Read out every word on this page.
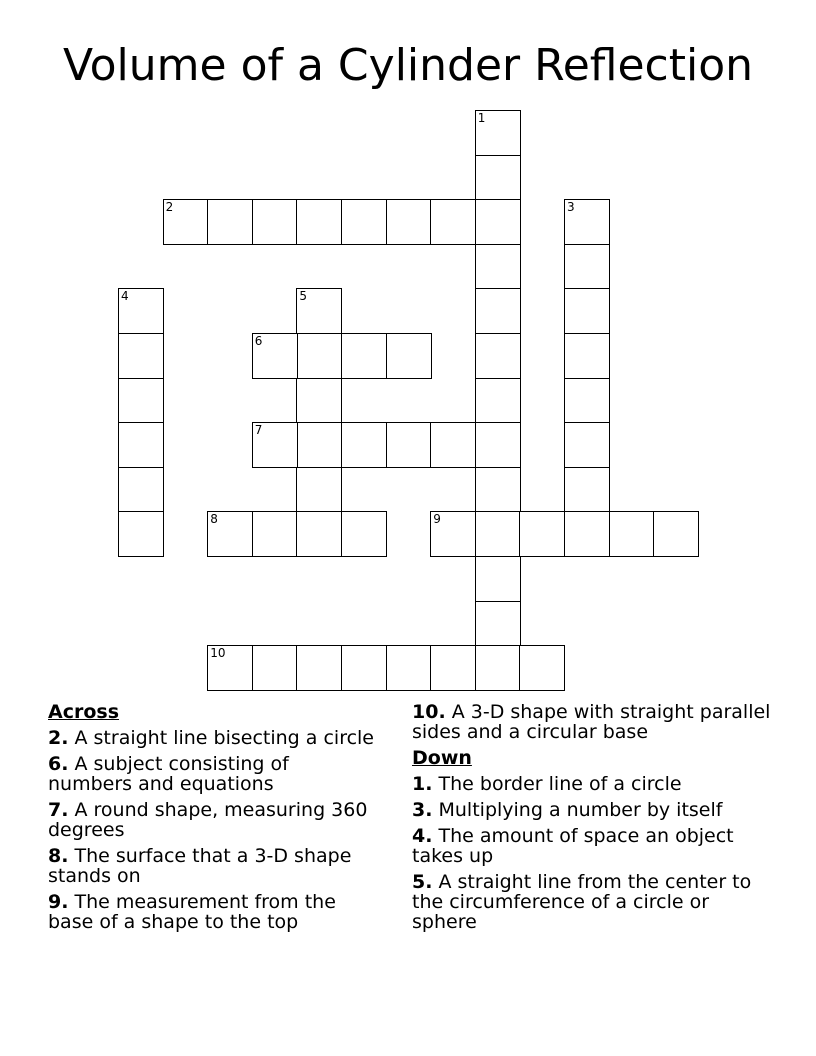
Volume of a Cylinder Reflection
1
2	3
4	5
6
7
8	9
10
Across
2. A straight line bisecting a circle
6. A subject consisting of numbers and equations
7. A round shape, measuring 360 degrees
8. The surface that a 3-D shape stands on
9. The measurement from the base of a shape to the top
10. A 3-D shape with straight parallel sides and a circular base
Down
1. The border line of a circle
3. Multiplying a number by itself
4. The amount of space an object takes up
5. A straight line from the center to the circumference of a circle or sphere
